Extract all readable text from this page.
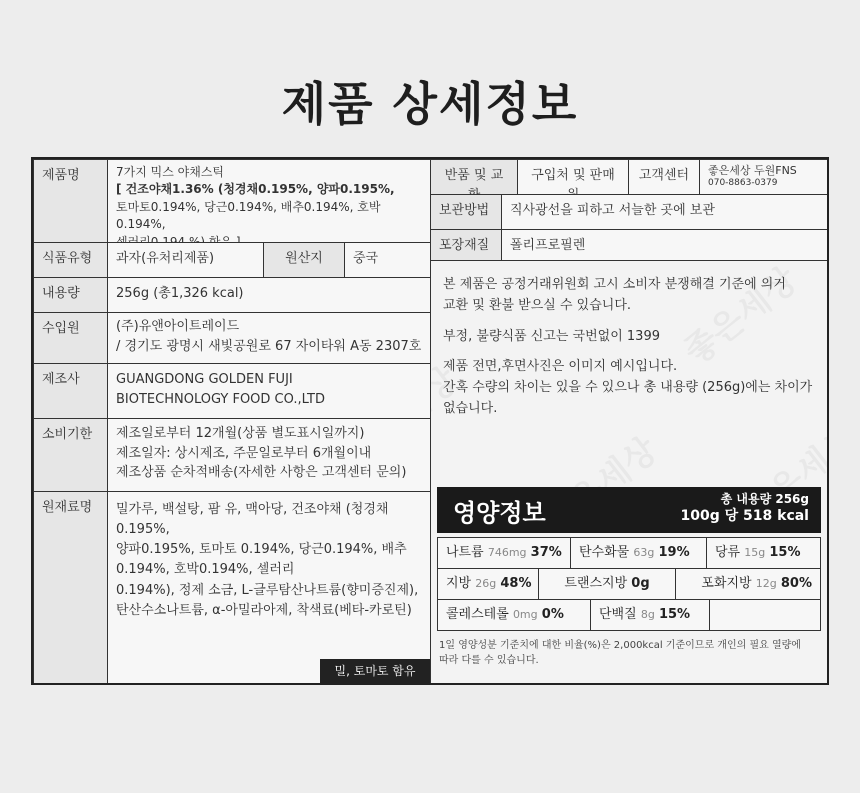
제품 상세정보
제품명	7가지 믹스 야채스틱
[ 건조야채1.36% (청경채0.195%, 양파0.195%,
토마토0.194%, 당근0.194%, 배추0.194%, 호박0.194%,
식품유형	과자(유처리제품)	원산지	중국
내용량	256g (총1,326 kcal)
수입원	(주)유앤아이트레이드
/ 경기도 광명시 새빛공원로 67 자이타워 A동 2307호
제조사	GUANGDONG GOLDEN FUJI
BIOTECHNOLOGY FOOD CO.,LTD
소비기한	제조일로부터 12개월(상품 별도표시일까지)
제조일자: 상시제조, 주문일로부터 6개월이내
제조상품 순차적배송(자세한 사항은 고객센터 문의)
원재료명	밀가루, 백설탕, 팜 유, 맥아당, 건조야채 (청경채0.195%,
양파0.195%, 토마토 0.194%, 당근0.194%, 배추
0.194%, 호박0.194%, 셀러리
0.194%), 정제 소금, L-글루탐산나트륨(향미증진제),
탄산수소나트륨, α-아밀라아제, 착색료(베타-카로틴)
밀, 토마토 함유
반품 및 교	구입처 및 판매	고객센터	좋은세상 두원FNS
070-8863-0379
보관방법	직사광선을 피하고 서늘한 곳에 보관
포장재질	폴리프로필렌

본 제품은 공정거래위원회 고시 소비자 분쟁해결 기준에 의거
교환 및 환불 받으실 수 있습니다.

부정, 불량식품 신고는 국번없이 1399

제품 전면,후면사진은 이미지 예시입니다.
간혹 수량의 차이는 있을 수 있으나 총 내용량 (256g)에는 차이가
없습니다.

영양정보	총 내용량 256g
100g 당 518 kcal
나트륨 746mg 37%	탄수화물 63g 19%	당류 15g 15%
지방 26g 48%	트랜스지방 0g	포화지방 12g 80%
콜레스테롤 0mg 0%	단백질 8g 15%
1일 영양성분 기준치에 대한 비율(%)은 2,000kcal 기준이므로 개인의 필요 열량에
따라 다를 수 있습니다.
